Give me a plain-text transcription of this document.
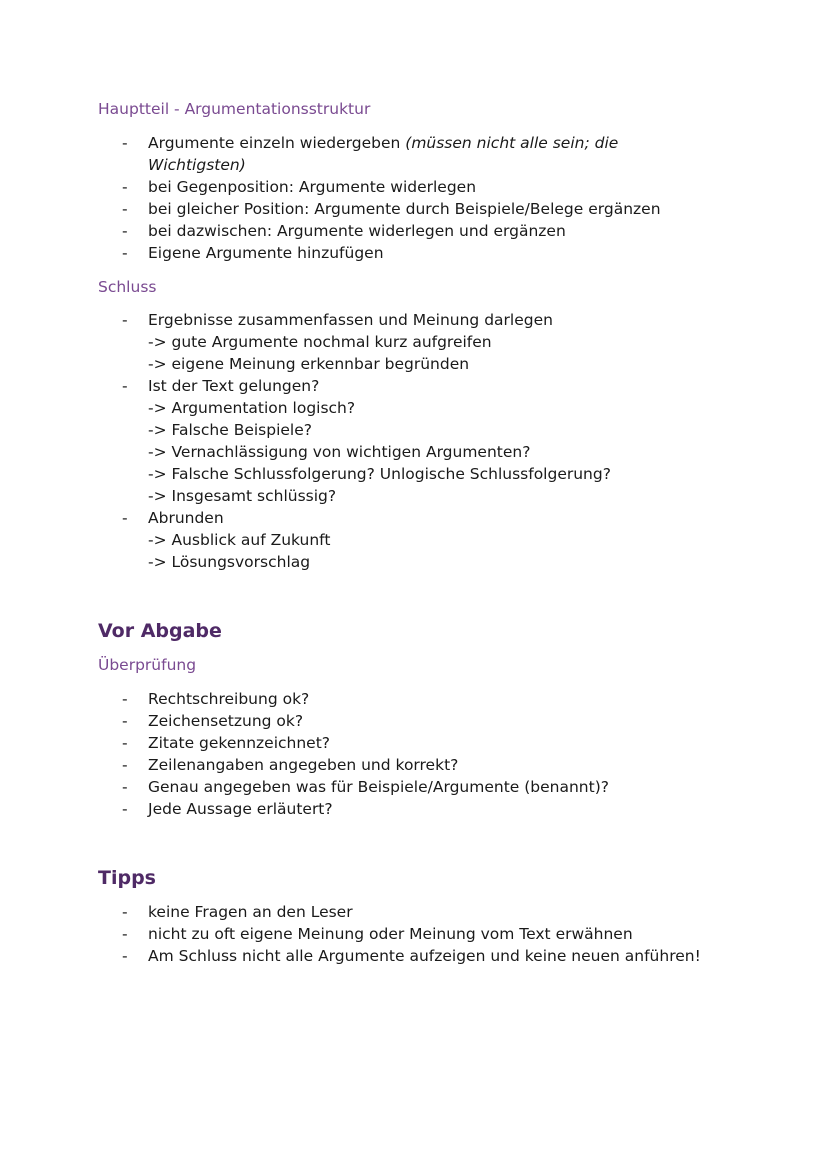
Hauptteil - Argumentationsstruktur
- Argumente einzeln wiedergeben (müssen nicht alle sein; die
Wichtigsten)
- bei Gegenposition: Argumente widerlegen
- bei gleicher Position: Argumente durch Beispiele/Belege ergänzen
- bei dazwischen: Argumente widerlegen und ergänzen
- Eigene Argumente hinzufügen
Schluss
- Ergebnisse zusammenfassen und Meinung darlegen
-> gute Argumente nochmal kurz aufgreifen
-> eigene Meinung erkennbar begründen
- Ist der Text gelungen?
-> Argumentation logisch?
-> Falsche Beispiele?
-> Vernachlässigung von wichtigen Argumenten?
-> Falsche Schlussfolgerung? Unlogische Schlussfolgerung?
-> Insgesamt schlüssig?
- Abrunden
-> Ausblick auf Zukunft
-> Lösungsvorschlag
Vor Abgabe
Überprüfung
- Rechtschreibung ok?
- Zeichensetzung ok?
- Zitate gekennzeichnet?
- Zeilenangaben angegeben und korrekt?
- Genau angegeben was für Beispiele/Argumente (benannt)?
- Jede Aussage erläutert?
Tipps
- keine Fragen an den Leser
- nicht zu oft eigene Meinung oder Meinung vom Text erwähnen
- Am Schluss nicht alle Argumente aufzeigen und keine neuen anführen!
